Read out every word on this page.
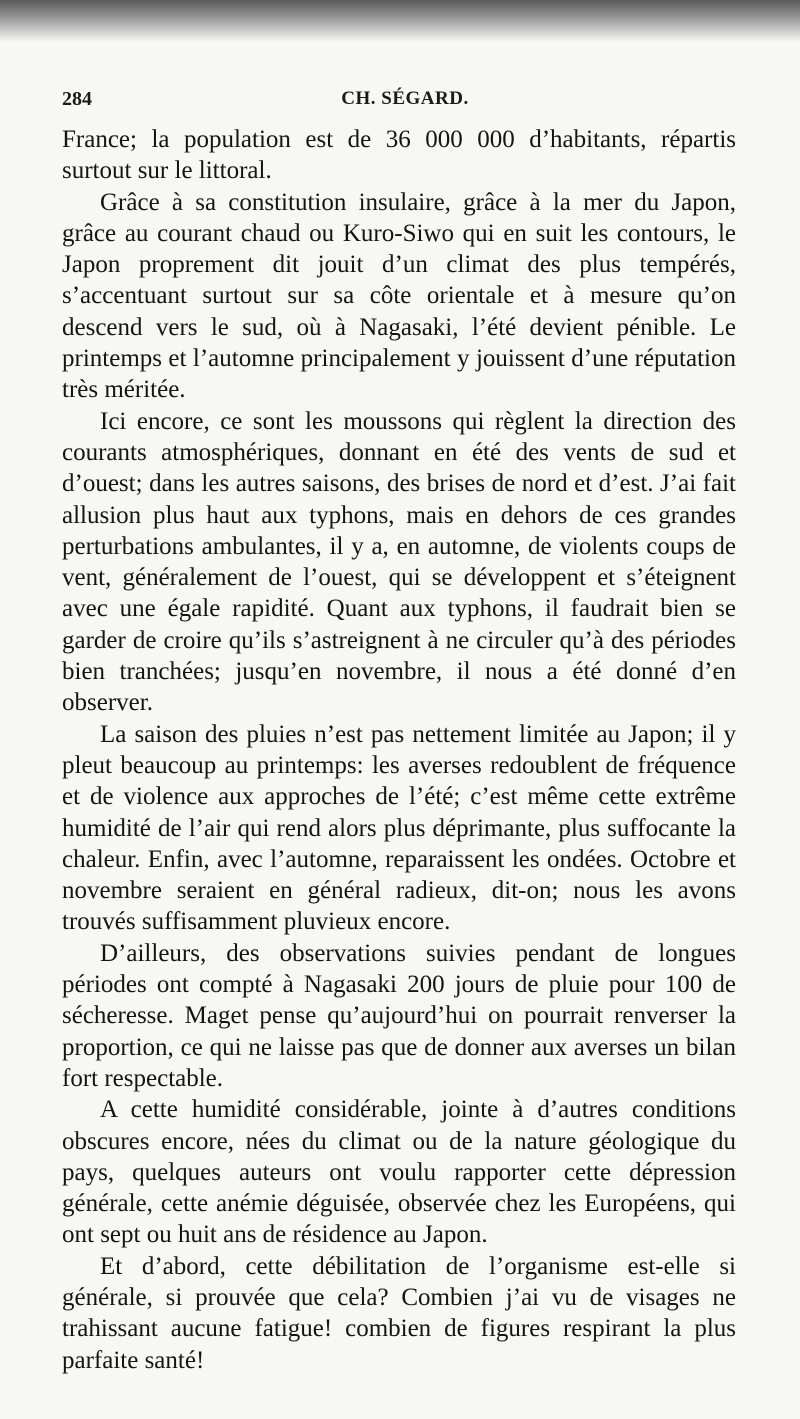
284	CH. SÉGARD.

France; la population est de 36 000 000 d’habitants, répartis surtout sur le littoral.

Grâce à sa constitution insulaire, grâce à la mer du Japon, grâce au courant chaud ou Kuro-Siwo qui en suit les contours, le Japon proprement dit jouit d’un climat des plus tempérés, s’accentuant surtout sur sa côte orientale et à mesure qu’on descend vers le sud, où à Nagasaki, l’été devient pénible. Le printemps et l’automne principalement y jouissent d’une réputation très méritée.

Ici encore, ce sont les moussons qui règlent la direction des courants atmosphériques, donnant en été des vents de sud et d’ouest; dans les autres saisons, des brises de nord et d’est. J’ai fait allusion plus haut aux typhons, mais en dehors de ces grandes perturbations ambulantes, il y a, en automne, de violents coups de vent, généralement de l’ouest, qui se développent et s’éteignent avec une égale rapidité. Quant aux typhons, il faudrait bien se garder de croire qu’ils s’astreignent à ne circuler qu’à des périodes bien tranchées; jusqu’en novembre, il nous a été donné d’en observer.

La saison des pluies n’est pas nettement limitée au Japon; il y pleut beaucoup au printemps: les averses redoublent de fréquence et de violence aux approches de l’été; c’est même cette extrême humidité de l’air qui rend alors plus déprimante, plus suffocante la chaleur. Enfin, avec l’automne, reparaissent les ondées. Octobre et novembre seraient en général radieux, dit-on; nous les avons trouvés suffisamment pluvieux encore.

D’ailleurs, des observations suivies pendant de longues périodes ont compté à Nagasaki 200 jours de pluie pour 100 de sécheresse. Maget pense qu’aujourd’hui on pourrait renverser la proportion, ce qui ne laisse pas que de donner aux averses un bilan fort respectable.

A cette humidité considérable, jointe à d’autres conditions obscures encore, nées du climat ou de la nature géologique du pays, quelques auteurs ont voulu rapporter cette dépression générale, cette anémie déguisée, observée chez les Européens, qui ont sept ou huit ans de résidence au Japon.

Et d’abord, cette débilitation de l’organisme est-elle si générale, si prouvée que cela? Combien j’ai vu de visages ne trahissant aucune fatigue! combien de figures respirant la plus parfaite santé!
